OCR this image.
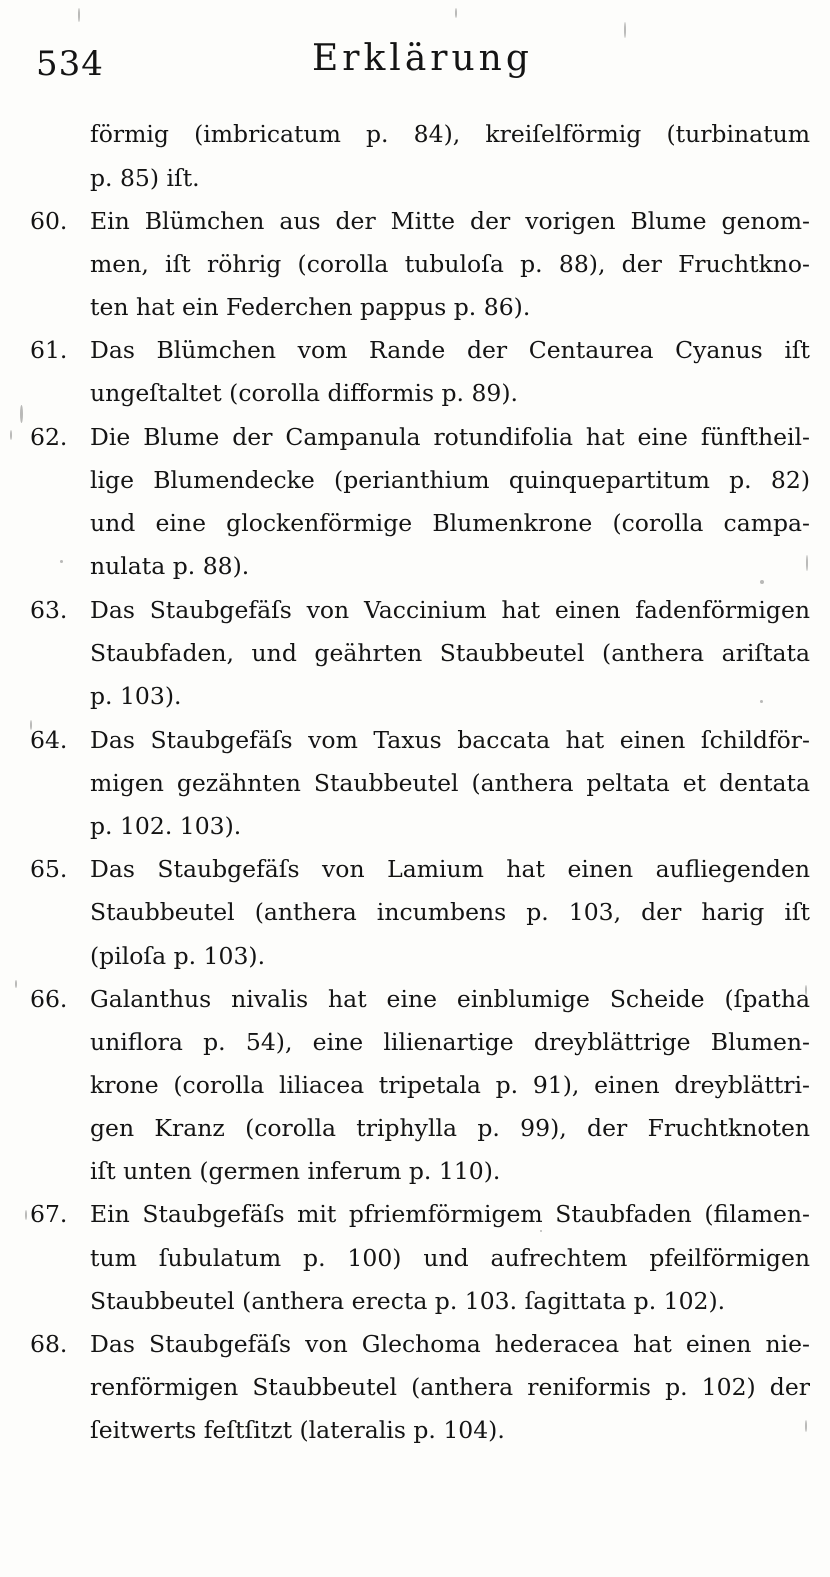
534	Erklärung
förmig (imbricatum p. 84), kreiſelförmig (turbinatum
p. 85) iſt.
60. Ein Blümchen aus der Mitte der vorigen Blume genom-
men, iſt röhrig (corolla tubuloſa p. 88), der Fruchtkno-
ten hat ein Federchen pappus p. 86).
61. Das Blümchen vom Rande der Centaurea Cyanus iſt
ungeſtaltet (corolla difformis p. 89).
62. Die Blume der Campanula rotundifolia hat eine fünftheil-
lige Blumendecke (perianthium quinquepartitum p. 82)
und eine glockenförmige Blumenkrone (corolla campa-
nulata p. 88).
63. Das Staubgefäſs von Vaccinium hat einen fadenförmigen
Staubfaden, und geährten Staubbeutel (anthera ariſtata
p. 103).
64. Das Staubgefäſs vom Taxus baccata hat einen ſchildför-
migen gezähnten Staubbeutel (anthera peltata et dentata
p. 102. 103).
65. Das Staubgefäſs von Lamium hat einen aufliegenden
Staubbeutel (anthera incumbens p. 103, der harig iſt
(piloſa p. 103).
66. Galanthus nivalis hat eine einblumige Scheide (ſpatha
uniflora p. 54), eine lilienartige dreyblättrige Blumen-
krone (corolla liliacea tripetala p. 91), einen dreyblättri-
gen Kranz (corolla triphylla p. 99), der Fruchtknoten
iſt unten (germen inferum p. 110).
67. Ein Staubgefäſs mit pfriemförmigem Staubfaden (filamen-
tum ſubulatum p. 100) und aufrechtem pfeilförmigen
Staubbeutel (anthera erecta p. 103. ſagittata p. 102).
68. Das Staubgefäſs von Glechoma hederacea hat einen nie-
renförmigen Staubbeutel (anthera reniformis p. 102) der
ſeitwerts feſtſitzt (lateralis p. 104).
